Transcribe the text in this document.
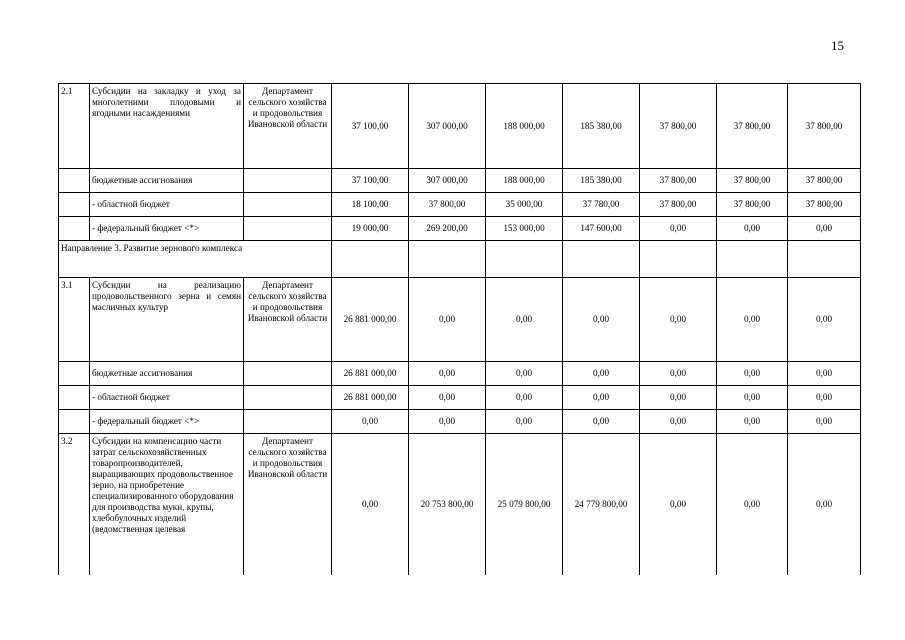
15
2.1	Субсидии на закладку и уход за многолетними плодовыми и ягодными насаждениями	Департамент сельского хозяйства и продовольствия Ивановской области	37 100,00	307 000,00	188 000,00	185 380,00	37 800,00	37 800,00	37 800,00
	бюджетные ассигнования		37 100,00	307 000,00	188 000,00	185 380,00	37 800,00	37 800,00	37 800,00
	- областной бюджет		18 100,00	37 800,00	35 000,00	37 780,00	37 800,00	37 800,00	37 800,00
	- федеральный бюджет <*>		19 000,00	269 200,00	153 000,00	147 600,00	0,00	0,00	0,00
Направление 3. Развитие зернового комплекса									
3.1	Субсидии на реализацию продовольственного зерна и семян масличных культур	Департамент сельского хозяйства и продовольствия Ивановской области	26 881 000,00	0,00	0,00	0,00	0,00	0,00	0,00
	бюджетные ассигнования		26 881 000,00	0,00	0,00	0,00	0,00	0,00	0,00
	- областной бюджет		26 881 000,00	0,00	0,00	0,00	0,00	0,00	0,00
	- федеральный бюджет <*>		0,00	0,00	0,00	0,00	0,00	0,00	0,00
3.2	Субсидии на компенсацию части затрат сельскохозяйственных товаропроизводителей, выращивающих продовольственное зерно, на приобретение специализированного оборудования для производства муки, крупы, хлебобулочных изделий (ведомственная целевая	Департамент сельского хозяйства и продовольствия Ивановской области	0,00	20 753 800,00	25 079 800,00	24 779 800,00	0,00	0,00	0,00
